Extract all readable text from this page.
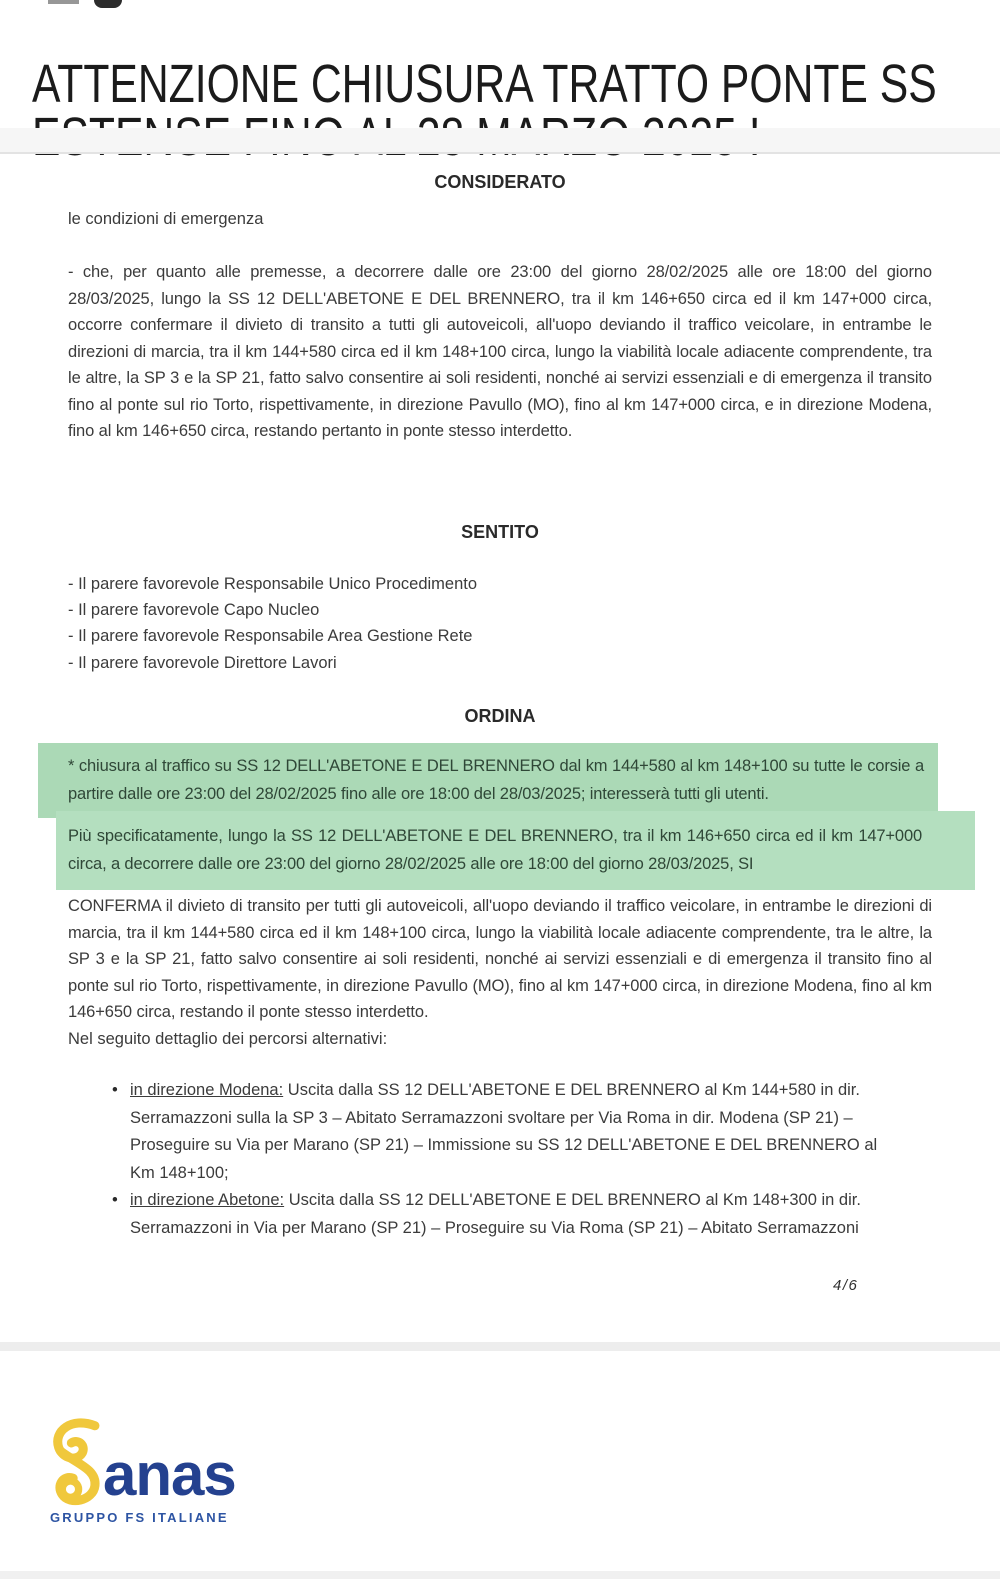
ATTENZIONE CHIUSURA TRATTO PONTE SS
CONSIDERATO
le condizioni di emergenza
- che, per quanto alle premesse, a decorrere dalle ore 23:00 del giorno 28/02/2025 alle ore 18:00 del giorno 28/03/2025, lungo la SS 12 DELL'ABETONE E DEL BRENNERO, tra il km 146+650 circa ed il km 147+000 circa, occorre confermare il divieto di transito a tutti gli autoveicoli, all'uopo deviando il traffico veicolare, in entrambe le direzioni di marcia, tra il km 144+580 circa ed il km 148+100 circa, lungo la viabilità locale adiacente comprendente, tra le altre, la SP 3 e la SP 21, fatto salvo consentire ai soli residenti, nonché ai servizi essenziali e di emergenza il transito fino al ponte sul rio Torto, rispettivamente, in direzione Pavullo (MO), fino al km 147+000 circa, e in direzione Modena, fino al km 146+650 circa, restando pertanto in ponte stesso interdetto.
SENTITO
- Il parere favorevole Responsabile Unico Procedimento
- Il parere favorevole Capo Nucleo
- Il parere favorevole Responsabile Area Gestione Rete
- Il parere favorevole Direttore Lavori
ORDINA
* chiusura al traffico su SS 12 DELL'ABETONE E DEL BRENNERO dal km 144+580 al km 148+100 su tutte le corsie a partire dalle ore 23:00 del 28/02/2025 fino alle ore 18:00 del 28/03/2025; interesserà tutti gli utenti.
Più specificatamente, lungo la SS 12 DELL'ABETONE E DEL BRENNERO, tra il km 146+650 circa ed il km 147+000 circa, a decorrere dalle ore 23:00 del giorno 28/02/2025 alle ore 18:00 del giorno 28/03/2025, SI
CONFERMA il divieto di transito per tutti gli autoveicoli, all'uopo deviando il traffico veicolare, in entrambe le direzioni di marcia, tra il km 144+580 circa ed il km 148+100 circa, lungo la viabilità locale adiacente comprendente, tra le altre, la SP 3 e la SP 21, fatto salvo consentire ai soli residenti, nonché ai servizi essenziali e di emergenza il transito fino al ponte sul rio Torto, rispettivamente, in direzione Pavullo (MO), fino al km 147+000 circa, in direzione Modena, fino al km 146+650 circa, restando il ponte stesso interdetto.
Nel seguito dettaglio dei percorsi alternativi:
• in direzione Modena: Uscita dalla SS 12 DELL'ABETONE E DEL BRENNERO al Km 144+580 in dir. Serramazzoni sulla la SP 3 – Abitato Serramazzoni svoltare per Via Roma in dir. Modena (SP 21) – Proseguire su Via per Marano (SP 21) – Immissione su SS 12 DELL'ABETONE E DEL BRENNERO al Km 148+100;
• in direzione Abetone: Uscita dalla SS 12 DELL'ABETONE E DEL BRENNERO al Km 148+300 in dir. Serramazzoni in Via per Marano (SP 21) – Proseguire su Via Roma (SP 21) – Abitato Serramazzoni
4/6
anas
GRUPPO FS ITALIANE
